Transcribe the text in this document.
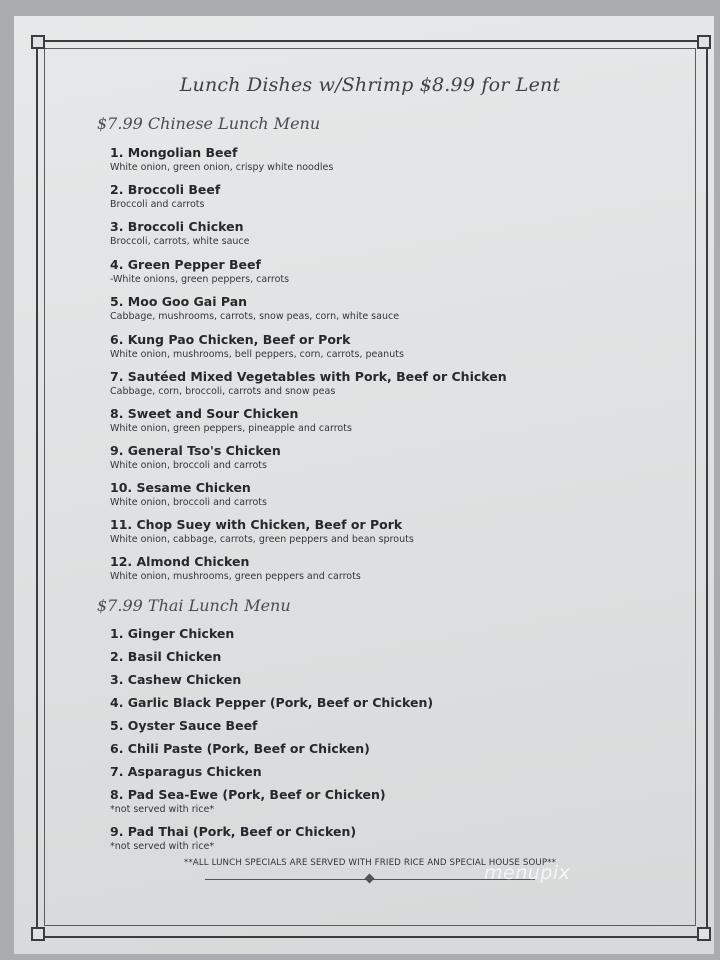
Lunch Dishes w/Shrimp $8.99 for Lent
$7.99 Chinese Lunch Menu
1. Mongolian Beef
White onion, green onion, crispy white noodles
2. Broccoli Beef
Broccoli and carrots
3. Broccoli Chicken
Broccoli, carrots, white sauce
4. Green Pepper Beef
-White onions, green peppers, carrots
5. Moo Goo Gai Pan
Cabbage, mushrooms, carrots, snow peas, corn, white sauce
6. Kung Pao Chicken, Beef or Pork
White onion, mushrooms, bell peppers, corn, carrots, peanuts
7. Sautéed Mixed Vegetables with Pork, Beef or Chicken
Cabbage, corn, broccoli, carrots and snow peas
8. Sweet and Sour Chicken
White onion, green peppers, pineapple and carrots
9. General Tso's Chicken
White onion, broccoli and carrots
10. Sesame Chicken
White onion, broccoli and carrots
11. Chop Suey with Chicken, Beef or Pork
White onion, cabbage, carrots, green peppers and bean sprouts
12. Almond Chicken
White onion, mushrooms, green peppers and carrots
$7.99 Thai Lunch Menu
1. Ginger Chicken
2. Basil Chicken
3. Cashew Chicken
4. Garlic Black Pepper (Pork, Beef or Chicken)
5. Oyster Sauce Beef
6. Chili Paste (Pork, Beef or Chicken)
7. Asparagus Chicken
8. Pad Sea-Ewe (Pork, Beef or Chicken)
*not served with rice*
9. Pad Thai (Pork, Beef or Chicken)
*not served with rice*
**ALL LUNCH SPECIALS ARE SERVED WITH FRIED RICE AND SPECIAL HOUSE SOUP**
menupix
